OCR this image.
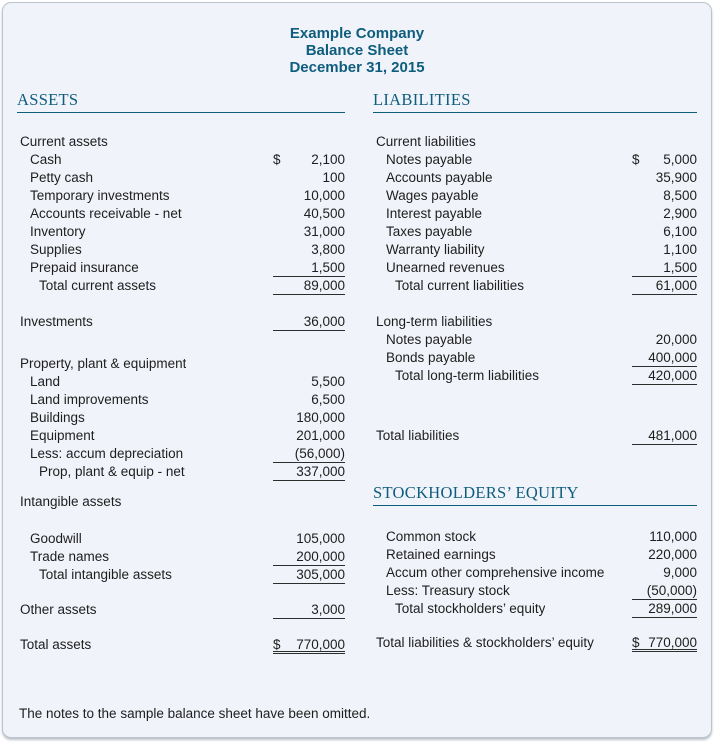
Example Company
Balance Sheet
December 31, 2015
ASSETS
Current assets
Cash	$ 2,100
Petty cash	100
Temporary investments	10,000
Accounts receivable - net	40,500
Inventory	31,000
Supplies	3,800
Prepaid insurance	1,500
Total current assets	89,000
Investments	36,000
Property, plant & equipment
Land	5,500
Land improvements	6,500
Buildings	180,000
Equipment	201,000
Less: accum depreciation	(56,000)
Prop, plant & equip - net	337,000
Intangible assets
Goodwill	105,000
Trade names	200,000
Total intangible assets	305,000
Other assets	3,000
Total assets	$ 770,000
LIABILITIES
Current liabilities
Notes payable	$ 5,000
Accounts payable	35,900
Wages payable	8,500
Interest payable	2,900
Taxes payable	6,100
Warranty liability	1,100
Unearned revenues	1,500
Total current liabilities	61,000
Long-term liabilities
Notes payable	20,000
Bonds payable	400,000
Total long-term liabilities	420,000
Total liabilities	481,000
STOCKHOLDERS’ EQUITY
Common stock	110,000
Retained earnings	220,000
Accum other comprehensive income	9,000
Less: Treasury stock	(50,000)
Total stockholders’ equity	289,000
Total liabilities & stockholders’ equity	$ 770,000
The notes to the sample balance sheet have been omitted.
